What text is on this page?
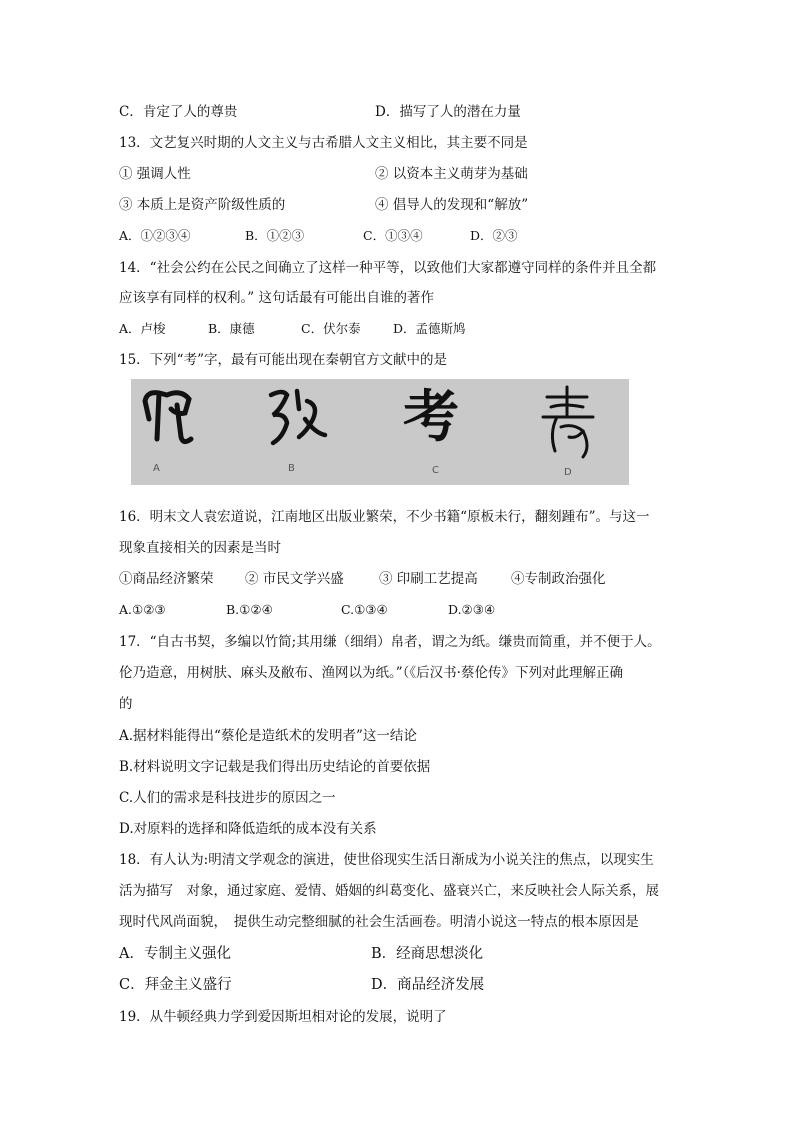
C．肯定了人的尊贵	D．描写了人的潜在力量
13．文艺复兴时期的人文主义与古希腊人文主义相比，其主要不同是
① 强调人性	② 以资本主义萌芽为基础
③ 本质上是资产阶级性质的	④ 倡导人的发现和“解放”
A．①②③④	B．①②③	C．①③④	D．②③
14．“社会公约在公民之间确立了这样一种平等，以致他们大家都遵守同样的条件并且全都
应该享有同样的权利。” 这句话最有可能出自谁的著作
A．卢梭	B．康德	C．伏尔泰	D．孟德斯鸠
15．下列“考”字，最有可能出现在秦朝官方文献中的是
考
A	B	C	D
16．明末文人袁宏道说，江南地区出版业繁荣，不少书籍“原板未行，翻刻踵布”。与这一
现象直接相关的因素是当时
①商品经济繁荣 ② 市民文学兴盛	③ 印刷工艺提高 ④专制政治强化
A.①②③	B.①②④	C.①③④	D.②③④
17．“自古书契，多编以竹简;其用缣（细绢）帛者，谓之为纸。缣贵而简重，并不便于人。
伦乃造意，用树肤、麻头及敝布、渔网以为纸。”（《后汉书·蔡伦传》下列对此理解正确
的
A.据材料能得出“蔡伦是造纸术的发明者”这一结论
B.材料说明文字记载是我们得出历史结论的首要依据
C.人们的需求是科技进步的原因之一
D.对原料的选择和降低造纸的成本没有关系
18．有人认为:明清文学观念的演进，使世俗现实生活日渐成为小说关注的焦点，以现实生
活为描写　对象，通过家庭、爱情、婚姻的纠葛变化、盛衰兴亡，来反映社会人际关系，展
现时代风尚面貌，　提供生动完整细腻的社会生活画卷。明清小说这一特点的根本原因是
A．专制主义强化	B．经商思想淡化
C．拜金主义盛行	D．商品经济发展
19．从牛顿经典力学到爱因斯坦相对论的发展，说明了
